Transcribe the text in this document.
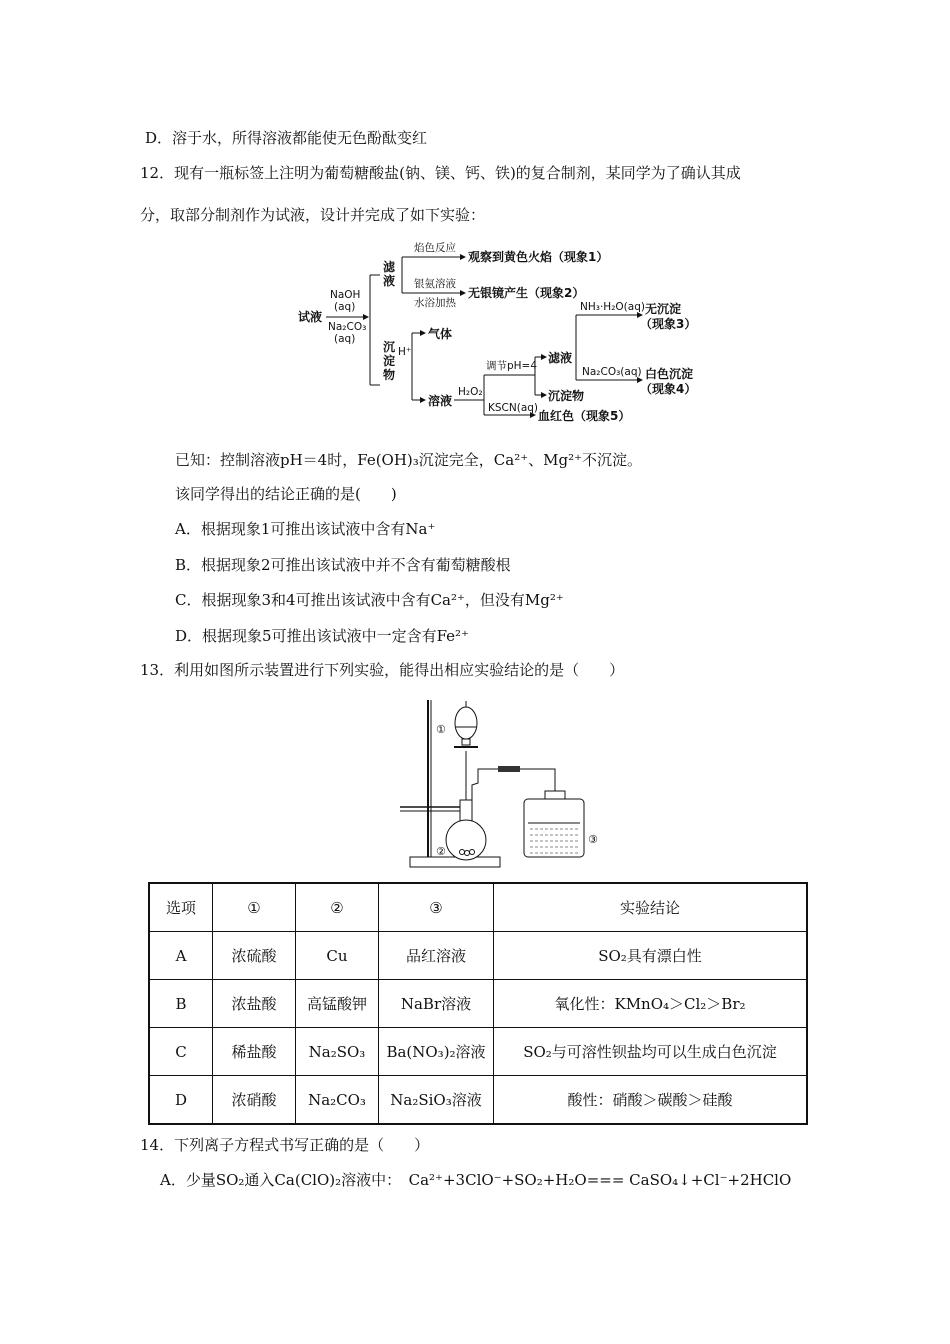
D．溶于水，所得溶液都能使无色酚酞变红
12．现有一瓶标签上注明为葡萄糖酸盐(钠、镁、钙、铁)的复合制剂，某同学为了确认其成
分，取部分制剂作为试液，设计并完成了如下实验：
试液
NaOH
(aq)
Na₂CO₃
(aq)
滤
液
焰色反应
观察到黄色火焰（现象1）
银氨溶液
水浴加热
无银镜产生（现象2）
沉
淀
物
H⁺
气体
溶液
H₂O₂
调节pH=4
KSCN(aq)
血红色（现象5）
滤液
沉淀物
NH₃·H₂O(aq)
Na₂CO₃(aq)
无沉淀
（现象3）
白色沉淀
（现象4）
已知：控制溶液pH＝4时，Fe(OH)₃沉淀完全，Ca²⁺、Mg²⁺不沉淀。
该同学得出的结论正确的是(　　)
A．根据现象1可推出该试液中含有Na⁺
B．根据现象2可推出该试液中并不含有葡萄糖酸根
C．根据现象3和4可推出该试液中含有Ca²⁺，但没有Mg²⁺
D．根据现象5可推出该试液中一定含有Fe²⁺
13．利用如图所示装置进行下列实验，能得出相应实验结论的是（　　）
①
②
③
选项	①	②	③	实验结论
A	浓硫酸	Cu	品红溶液	SO₂具有漂白性
B	浓盐酸	高锰酸钾	NaBr溶液	氧化性：KMnO₄＞Cl₂＞Br₂
C	稀盐酸	Na₂SO₃	Ba(NO₃)₂溶液	SO₂与可溶性钡盐均可以生成白色沉淀
D	浓硝酸	Na₂CO₃	Na₂SiO₃溶液	酸性：硝酸＞碳酸＞硅酸
14．下列离子方程式书写正确的是（　　）
A．少量SO₂通入Ca(ClO)₂溶液中：　Ca²⁺+3ClO⁻+SO₂+H₂O=== CaSO₄↓+Cl⁻+2HClO
